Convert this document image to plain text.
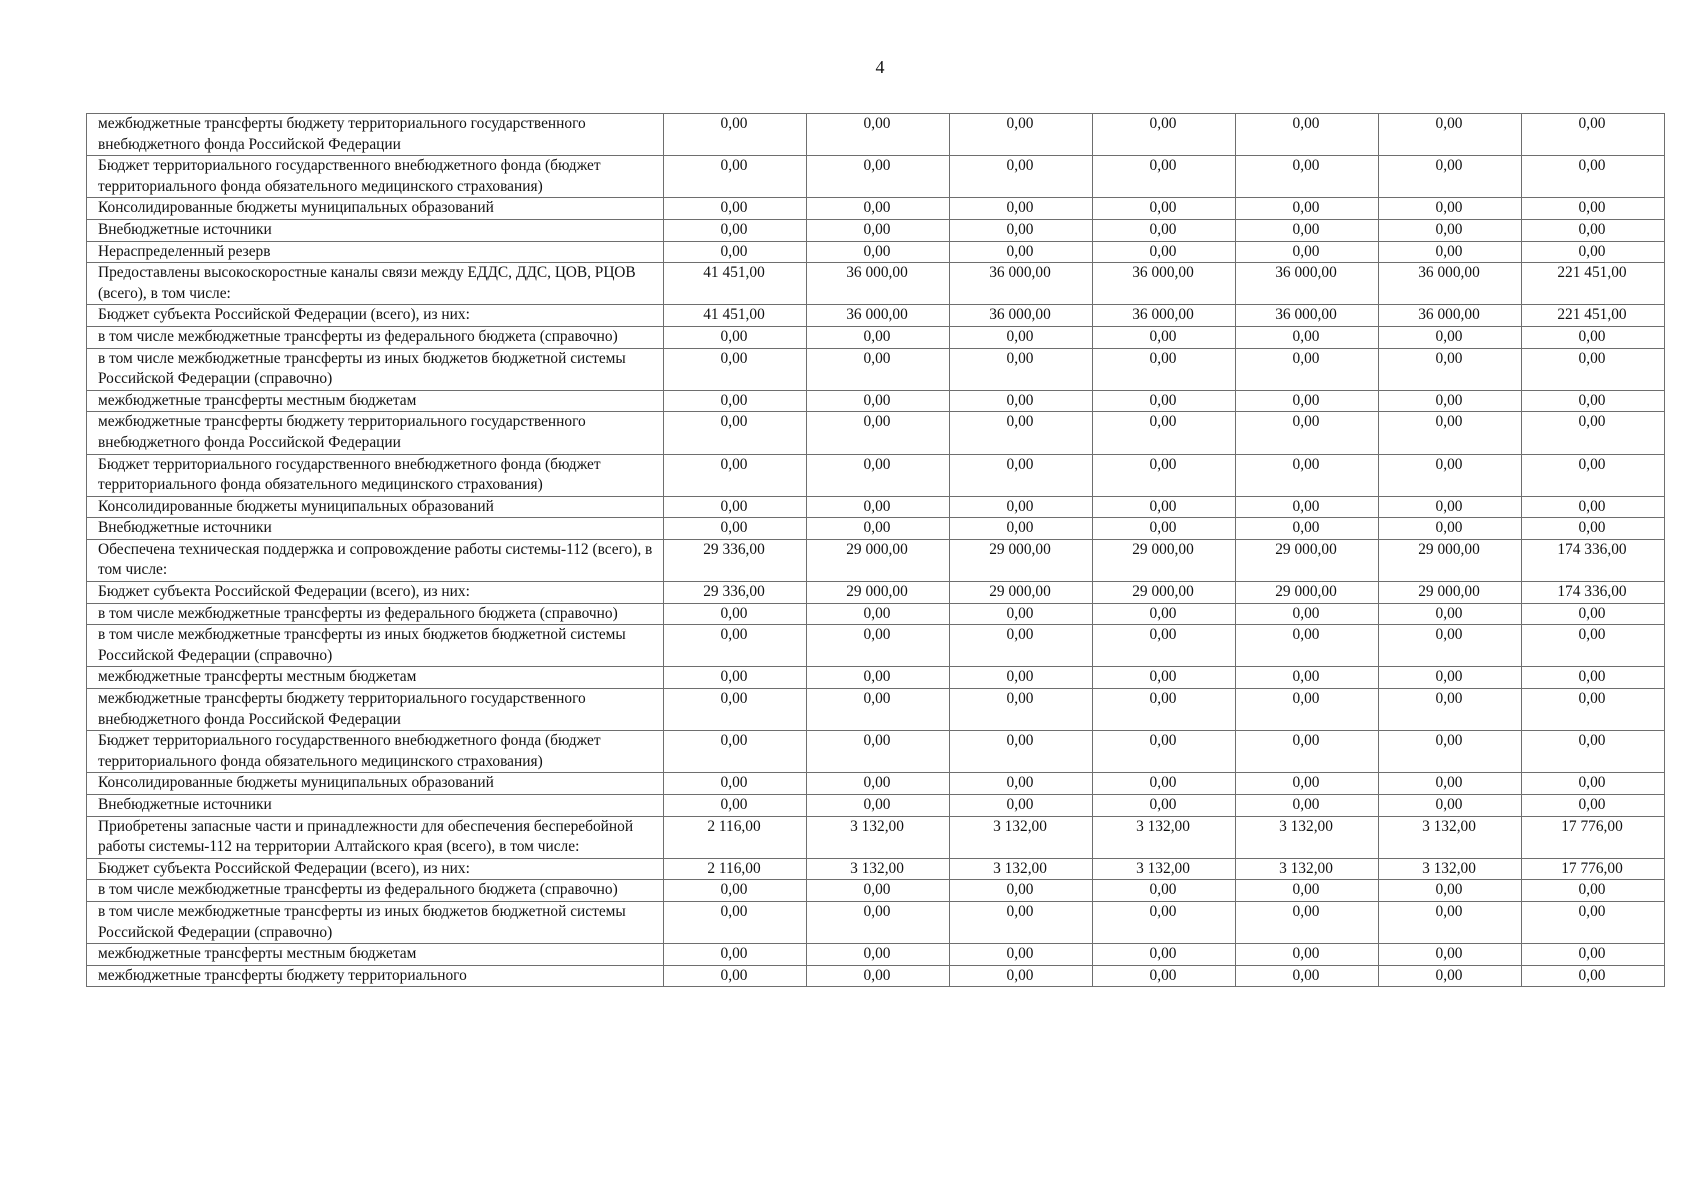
4
межбюджетные трансферты бюджету территориального государственного внебюджетного фонда Российской Федерации	0,00	0,00	0,00	0,00	0,00	0,00	0,00
Бюджет территориального государственного внебюджетного фонда (бюджет территориального фонда обязательного медицинского страхования)	0,00	0,00	0,00	0,00	0,00	0,00	0,00
Консолидированные бюджеты муниципальных образований	0,00	0,00	0,00	0,00	0,00	0,00	0,00
Внебюджетные источники	0,00	0,00	0,00	0,00	0,00	0,00	0,00
Нераспределенный резерв	0,00	0,00	0,00	0,00	0,00	0,00	0,00
Предоставлены высокоскоростные каналы связи между ЕДДС, ДДС, ЦОВ, РЦОВ (всего), в том числе:	41 451,00	36 000,00	36 000,00	36 000,00	36 000,00	36 000,00	221 451,00
Бюджет субъекта Российской Федерации (всего), из них:	41 451,00	36 000,00	36 000,00	36 000,00	36 000,00	36 000,00	221 451,00
в том числе межбюджетные трансферты из федерального бюджета (справочно)	0,00	0,00	0,00	0,00	0,00	0,00	0,00
в том числе межбюджетные трансферты из иных бюджетов бюджетной системы Российской Федерации (справочно)	0,00	0,00	0,00	0,00	0,00	0,00	0,00
межбюджетные трансферты местным бюджетам	0,00	0,00	0,00	0,00	0,00	0,00	0,00
межбюджетные трансферты бюджету территориального государственного внебюджетного фонда Российской Федерации	0,00	0,00	0,00	0,00	0,00	0,00	0,00
Бюджет территориального государственного внебюджетного фонда (бюджет территориального фонда обязательного медицинского страхования)	0,00	0,00	0,00	0,00	0,00	0,00	0,00
Консолидированные бюджеты муниципальных образований	0,00	0,00	0,00	0,00	0,00	0,00	0,00
Внебюджетные источники	0,00	0,00	0,00	0,00	0,00	0,00	0,00
Обеспечена техническая поддержка и сопровождение работы системы-112 (всего), в том числе:	29 336,00	29 000,00	29 000,00	29 000,00	29 000,00	29 000,00	174 336,00
Бюджет субъекта Российской Федерации (всего), из них:	29 336,00	29 000,00	29 000,00	29 000,00	29 000,00	29 000,00	174 336,00
в том числе межбюджетные трансферты из федерального бюджета (справочно)	0,00	0,00	0,00	0,00	0,00	0,00	0,00
в том числе межбюджетные трансферты из иных бюджетов бюджетной системы Российской Федерации (справочно)	0,00	0,00	0,00	0,00	0,00	0,00	0,00
межбюджетные трансферты местным бюджетам	0,00	0,00	0,00	0,00	0,00	0,00	0,00
межбюджетные трансферты бюджету территориального государственного внебюджетного фонда Российской Федерации	0,00	0,00	0,00	0,00	0,00	0,00	0,00
Бюджет территориального государственного внебюджетного фонда (бюджет территориального фонда обязательного медицинского страхования)	0,00	0,00	0,00	0,00	0,00	0,00	0,00
Консолидированные бюджеты муниципальных образований	0,00	0,00	0,00	0,00	0,00	0,00	0,00
Внебюджетные источники	0,00	0,00	0,00	0,00	0,00	0,00	0,00
Приобретены запасные части и принадлежности для обеспечения бесперебойной работы системы-112 на территории Алтайского края (всего), в том числе:	2 116,00	3 132,00	3 132,00	3 132,00	3 132,00	3 132,00	17 776,00
Бюджет субъекта Российской Федерации (всего), из них:	2 116,00	3 132,00	3 132,00	3 132,00	3 132,00	3 132,00	17 776,00
в том числе межбюджетные трансферты из федерального бюджета (справочно)	0,00	0,00	0,00	0,00	0,00	0,00	0,00
в том числе межбюджетные трансферты из иных бюджетов бюджетной системы Российской Федерации (справочно)	0,00	0,00	0,00	0,00	0,00	0,00	0,00
межбюджетные трансферты местным бюджетам	0,00	0,00	0,00	0,00	0,00	0,00	0,00
межбюджетные трансферты бюджету территориального	0,00	0,00	0,00	0,00	0,00	0,00	0,00
